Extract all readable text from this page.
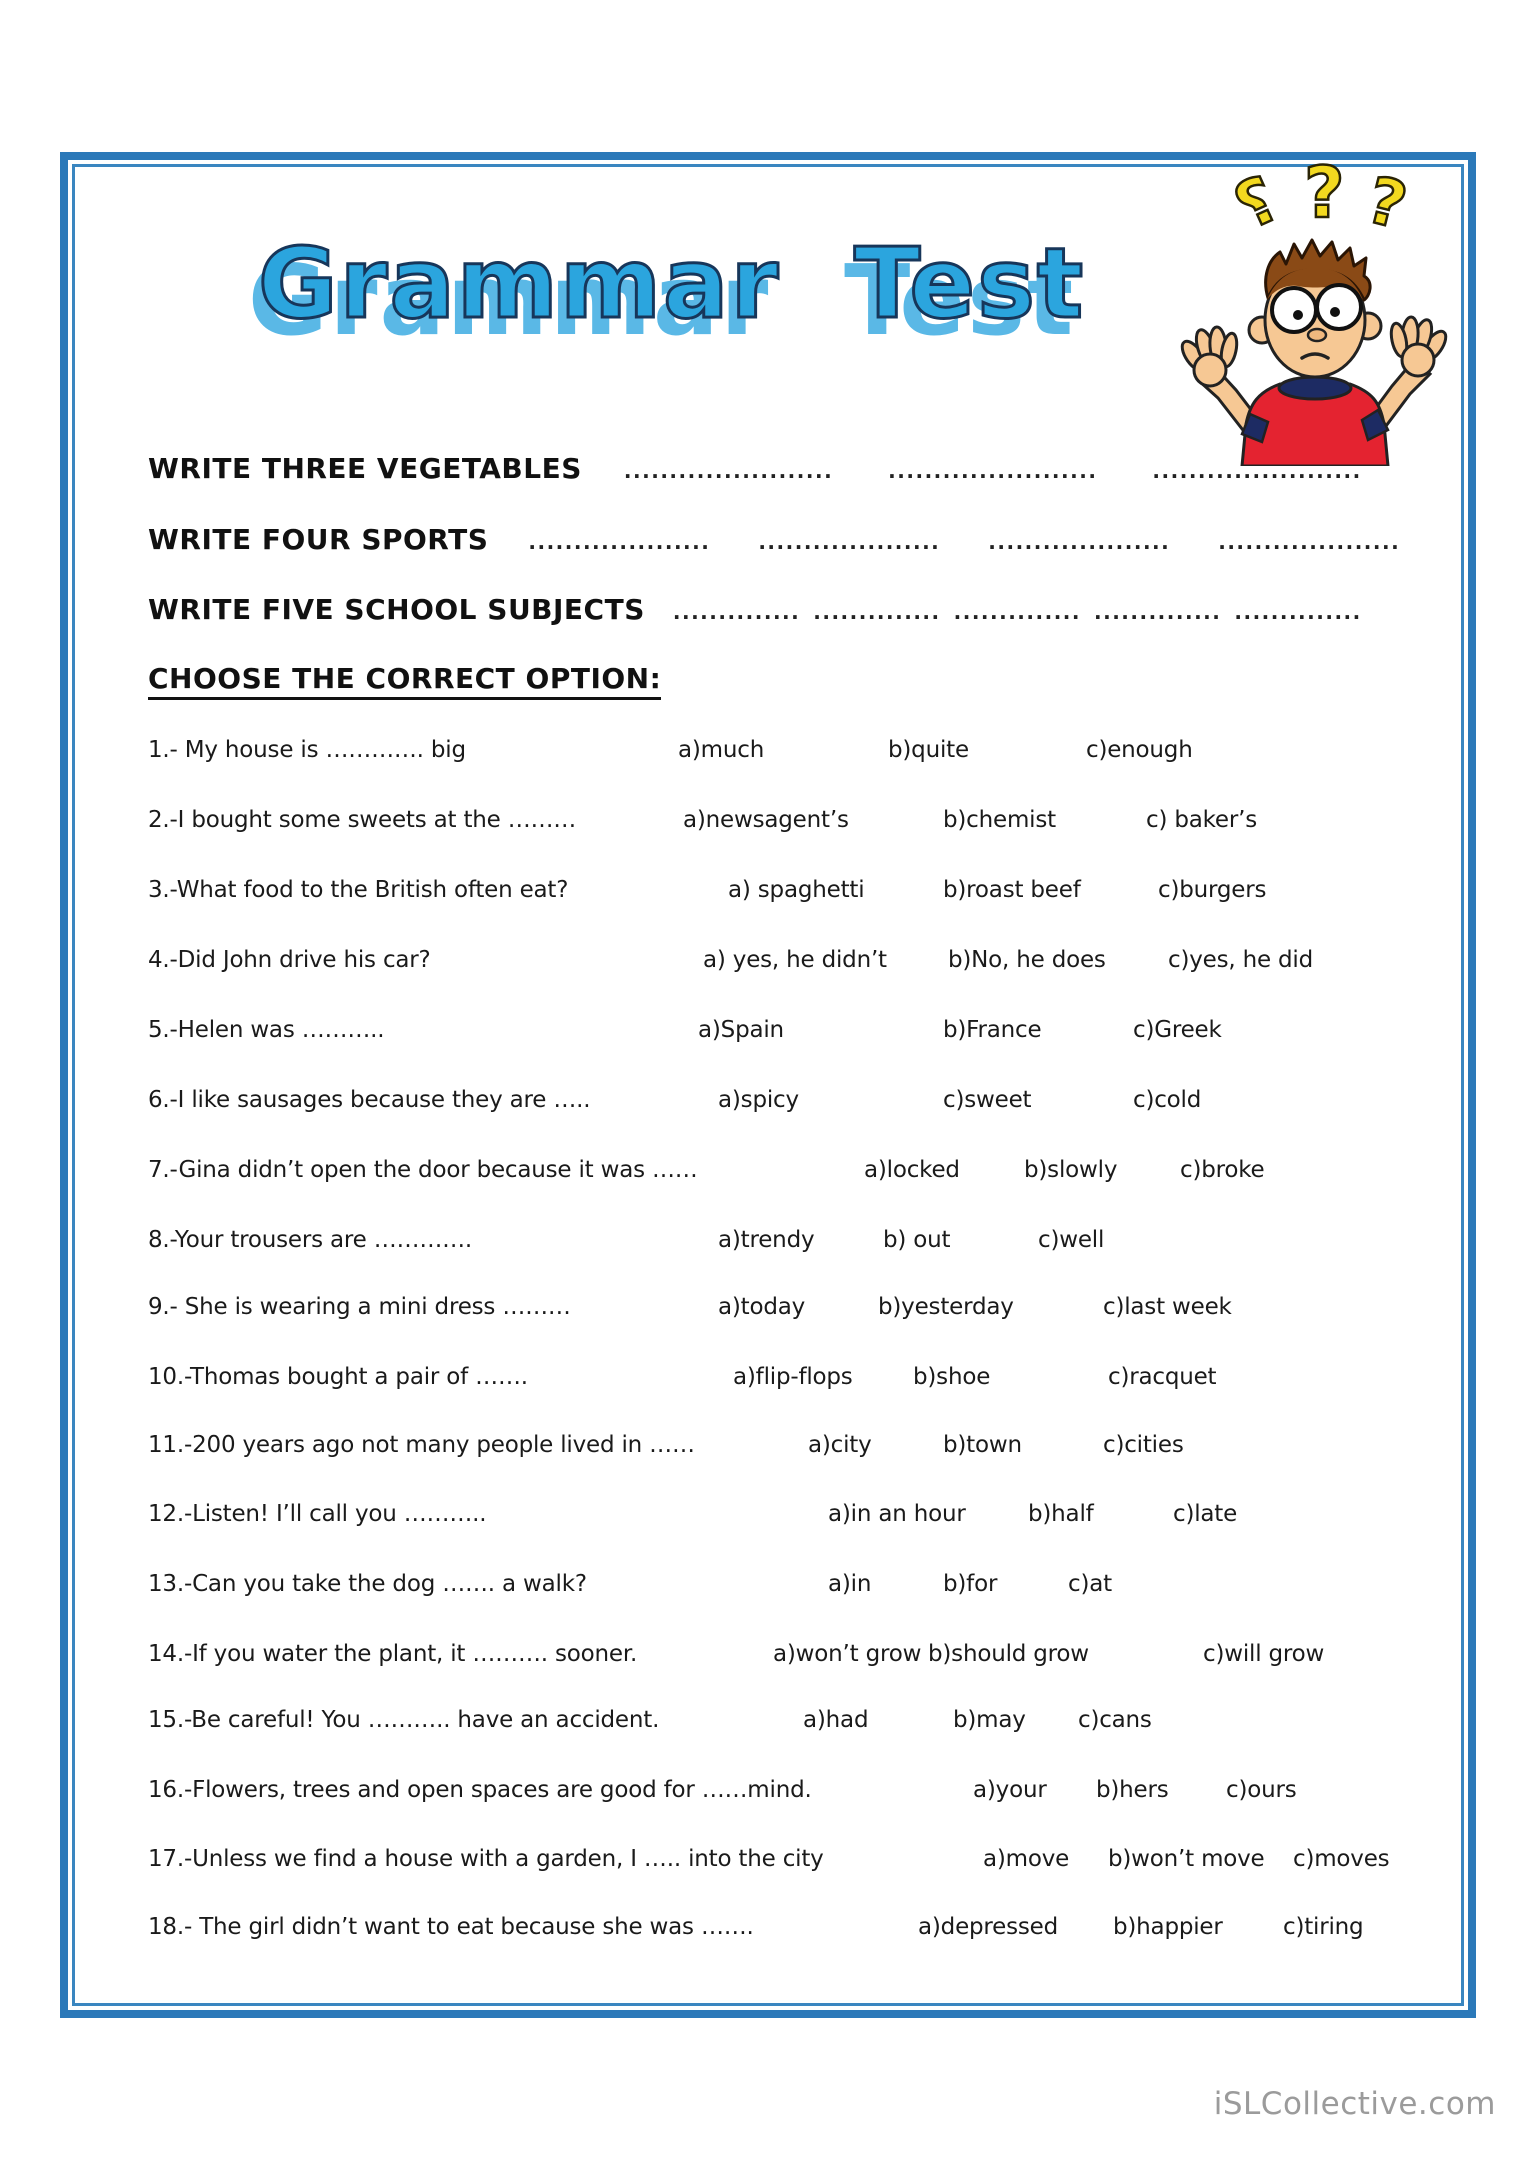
Grammar Test
? ? ?
WRITE THREE VEGETABLES .......................	.......................	.......................
WRITE FOUR SPORTS .................... .................... .................... ....................
WRITE FIVE SCHOOL SUBJECTS .............. .............. .............. .............. ..............
CHOOSE THE CORRECT OPTION:
1.- My house is …………. big	a)much	b)quite	c)enough
2.-I bought some sweets at the ………	a)newsagent’s	b)chemist	c) baker’s
3.-What food to the British often eat?	a) spaghetti	b)roast beef	c)burgers
4.-Did John drive his car?	a) yes, he didn’t	b)No, he does	c)yes, he did
5.-Helen was ………..	a)Spain	b)France	c)Greek
6.-I like sausages because they are …..	a)spicy	c)sweet	c)cold
7.-Gina didn’t open the door because it was ……	a)locked	b)slowly	c)broke
8.-Your trousers are ………….	a)trendy	b) out	c)well
9.- She is wearing a mini dress ………	a)today	b)yesterday	c)last week
10.-Thomas bought a pair of …….	a)flip-flops	b)shoe	c)racquet
11.-200 years ago not many people lived in ……	a)city	b)town	c)cities
12.-Listen! I’ll call you ………..	a)in an hour	b)half	c)late
13.-Can you take the dog ……. a walk?	a)in	b)for	c)at
14.-If you water the plant, it ………. sooner.	a)won’t grow b)should grow	c)will grow
15.-Be careful! You ……….. have an accident.	a)had	b)may c)cans
16.-Flowers, trees and open spaces are good for ……mind.	a)your b)hers c)ours
17.-Unless we find a house with a garden, I ….. into the city	a)move b)won’t move c)moves
18.- The girl didn’t want to eat because she was …….	a)depressed b)happier	c)tiring
iSLCollective.com
